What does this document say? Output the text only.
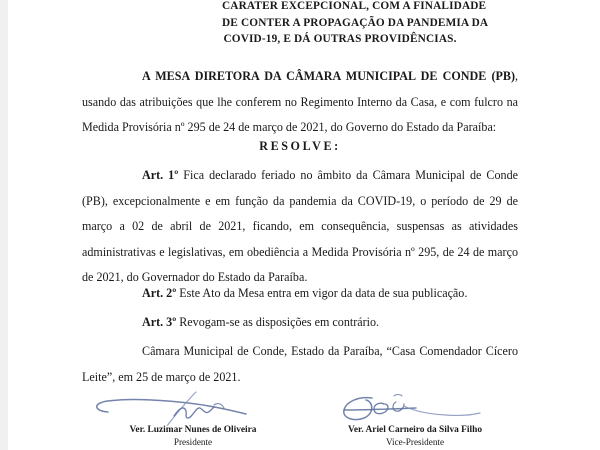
CARATER EXCEPCIONAL, COM A FINALIDADE
DE CONTER A PROPAGAÇÃO DA PANDEMIA DA
COVID-19, E DÁ OUTRAS PROVIDÊNCIAS.

A MESA DIRETORA DA CÂMARA MUNICIPAL DE CONDE (PB), usando das atribuições que lhe conferem no Regimento Interno da Casa, e com fulcro na Medida Provisória nº 295 de 24 de março de 2021, do Governo do Estado da Paraíba:

RESOLVE:

Art. 1º Fica declarado feriado no âmbito da Câmara Municipal de Conde (PB), excepcionalmente e em função da pandemia da COVID-19, o período de 29 de março a 02 de abril de 2021, ficando, em consequência, suspensas as atividades administrativas e legislativas, em obediência a Medida Provisória nº 295, de 24 de março de 2021, do Governador do Estado da Paraíba.

Art. 2º Este Ato da Mesa entra em vigor da data de sua publicação.

Art. 3º Revogam-se as disposições em contrário.

Câmara Municipal de Conde, Estado da Paraíba, “Casa Comendador Cícero Leite”, em 25 de março de 2021.

Ver. Luzimar Nunes de Oliveira
Presidente
Ver. Ariel Carneiro da Silva Filho
Vice-Presidente
